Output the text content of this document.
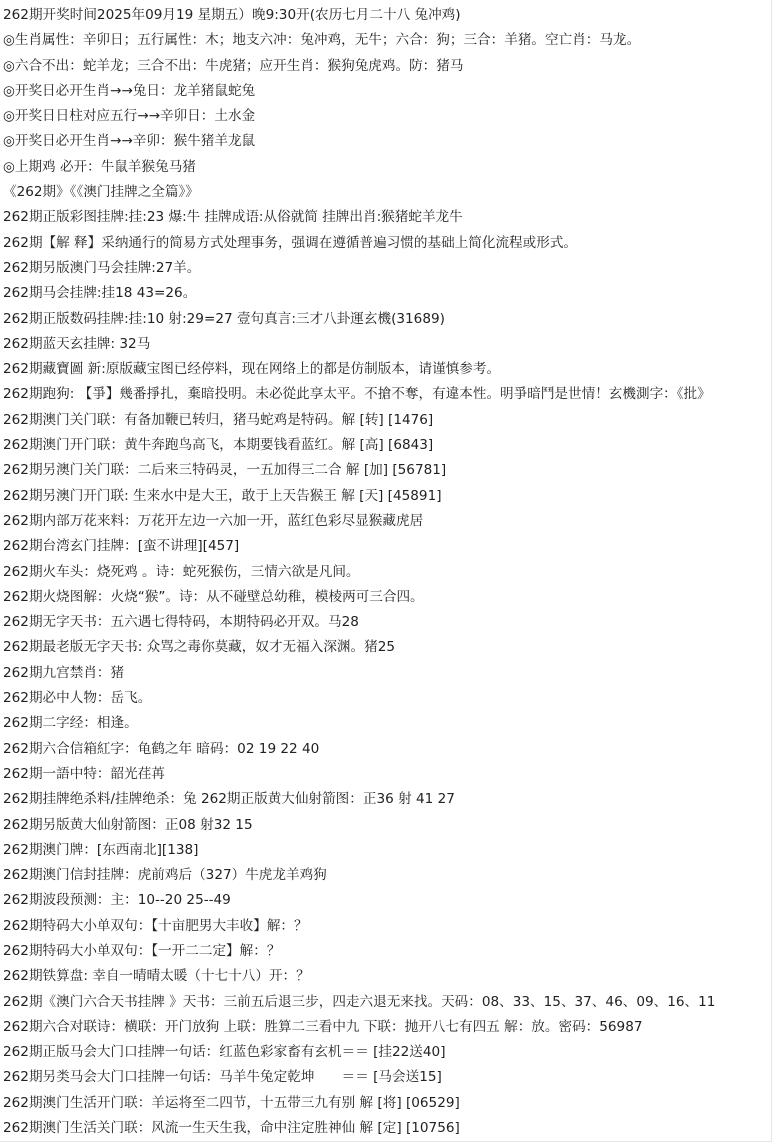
262期开奖时间2025年09月19 星期五）晚9:30开(农历七月二十八 兔冲鸡)
◎生肖属性：辛卯日；五行属性：木；地支六冲：兔冲鸡，无牛；六合：狗；三合：羊猪。空亡肖：马龙。
◎六合不出：蛇羊龙；三合不出：牛虎猪；应开生肖：猴狗兔虎鸡。防：猪马
◎开奖日必开生肖→→兔日：龙羊猪鼠蛇兔
◎开奖日日柱对应五行→→辛卯日：土水金
◎开奖日必开生肖→→辛卯：猴牛猪羊龙鼠
◎上期鸡 必开：牛鼠羊猴兔马猪
《262期》《《澳门挂牌之全篇》》
262期正版彩图挂牌:挂:23 爆:牛 挂牌成语:从俗就简 挂牌出肖:猴猪蛇羊龙牛
262期【解 释】采纳通行的简易方式处理事务，强调在遵循普遍习惯的基础上简化流程或形式。
262期另版澳门马会挂牌:27羊。
262期马会挂牌:挂18 43=26。
262期正版数码挂牌:挂:10 射:29=27 壹句真言:三才八卦運玄機(31689)
262期蓝天玄挂牌: 32马
262期藏寶圖 新:原版藏宝图已经停料，现在网络上的都是仿制版本，请谨慎参考。
262期跑狗: 【爭】幾番掙扎，棄暗投明。未必從此享太平。不搶不奪，有違本性。明爭暗鬥是世情！玄機測字：《批》
262期澳门关门联：有备加鞭已转归，猪马蛇鸡是特码。解 [转] [1476]
262期澳门开门联：黄牛奔跑鸟高飞，本期要钱看蓝红。解 [高] [6843]
262期另澳门关门联：二后来三特码灵，一五加得三二合 解 [加] [56781]
262期另澳门开门联: 生来水中是大王，敢于上天告猴王 解 [天] [45891]
262期内部万花来料：万花开左边一六加一开，蓝红色彩尽显猴藏虎居
262期台湾玄门挂牌：[蛮不讲理][457]
262期火车头：烧死鸡 。诗：蛇死猴伤，三情六欲是凡间。
262期火烧图解：火烧“猴”。诗：从不碰壁总幼稚，模棱两可三合四。
262期无字天书：五六遇七得特码，本期特码必开双。马28
262期最老版无字天书: 众骂之毒你莫藏，奴才无福入深渊。猪25
262期九宫禁肖：猪
262期必中人物：岳飞。
262期二字经：相逢。
262期六合信箱紅字：龟鹤之年 暗码：02 19 22 40
262期一語中特：韶光荏苒
262期挂牌绝杀料/挂牌绝杀：兔 262期正版黄大仙射箭图：正36 射 41 27
262期另版黄大仙射箭图：正08 射32 15
262期澳门牌：[东西南北][138]
262期澳门信封挂牌：虎前鸡后（327）牛虎龙羊鸡狗
262期波段预测：主：10--20 25--49
262期特码大小单双句：【十亩肥男大丰收】解：？
262期特码大小单双句：【一开二二定】解：？
262期铁算盘: 幸自一晴晴太暖（十七十八）开：？
262期《澳门六合天书挂牌 》天书：三前五后退三步，四走六退无来找。天码：08、33、15、37、46、09、16、11
262期六合对联诗：横联：开门放狗 上联：胜算二三看中九 下联：抛开八七有四五 解：放。密码：56987
262期正版马会大门口挂牌一句话：红蓝色彩家畜有玄机＝＝ [挂22送40]
262期另类马会大门口挂牌一句话：马羊牛兔定乾坤　　＝＝ [马会送15]
262期澳门生活开门联：羊运将至二四节，十五带三九有别 解 [将] [06529]
262期澳门生活关门联：风流一生天生我，命中注定胜神仙 解 [定] [10756]
